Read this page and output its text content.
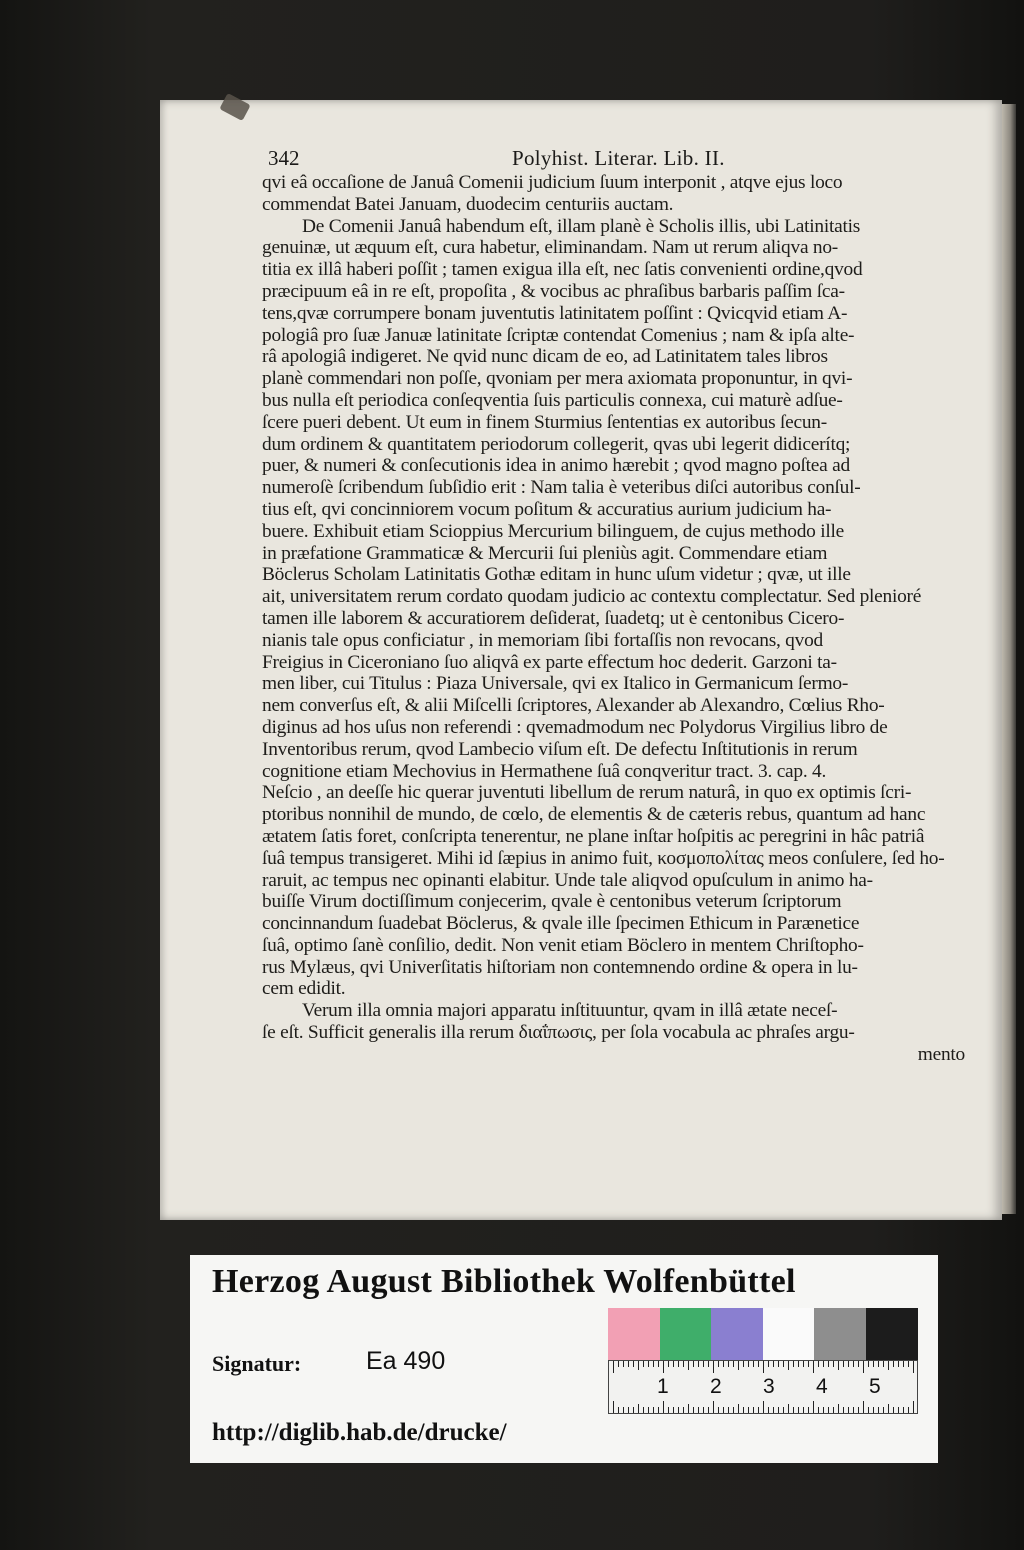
342	Polyhist. Literar. Lib. II.
qvi eâ occaſione de Januâ Comenii judicium ſuum interponit , atqve ejus loco
commendat Batei Januam, duodecim centuriis auctam.
De Comenii Januâ habendum eſt, illam planè è Scholis illis, ubi Latinitatis
genuinæ, ut æquum eſt, cura habetur, eliminandam. Nam ut rerum aliqva no-
titia ex illâ haberi poſſit ; tamen exigua illa eſt, nec ſatis convenienti ordine,qvod
præcipuum eâ in re eſt, propoſita , & vocibus ac phraſibus barbaris paſſim ſca-
tens,qvæ corrumpere bonam juventutis latinitatem poſſint : Qvicqvid etiam A-
pologiâ pro ſuæ Januæ latinitate ſcriptæ contendat Comenius ; nam & ipſa alte-
râ apologiâ indigeret. Ne qvid nunc dicam de eo, ad Latinitatem tales libros
planè commendari non poſſe, qvoniam per mera axiomata proponuntur, in qvi-
bus nulla eſt periodica conſeqventia ſuis particulis connexa, cui maturè adſue-
ſcere pueri debent. Ut eum in finem Sturmius ſententias ex autoribus ſecun-
dum ordinem & quantitatem periodorum collegerit, qvas ubi legerit didicerítq;
puer, & numeri & conſecutionis idea in animo hærebit ; qvod magno poſtea ad
numeroſè ſcribendum ſubſidio erit : Nam talia è veteribus diſci autoribus conſul-
tius eſt, qvi concinniorem vocum poſitum & accuratius aurium judicium ha-
buere. Exhibuit etiam Scioppius Mercurium bilinguem, de cujus methodo ille
in præfatione Grammaticæ & Mercurii ſui pleniùs agit. Commendare etiam
Böclerus Scholam Latinitatis Gothæ editam in hunc uſum videtur ; qvæ, ut ille
ait, universitatem rerum cordato quodam judicio ac contextu complectatur. Sed plenioré
tamen ille laborem & accuratiorem deſiderat, ſuadetq; ut è centonibus Cicero-
nianis tale opus conficiatur , in memoriam ſibi fortaſſis non revocans, qvod
Freigius in Ciceroniano ſuo aliqvâ ex parte effectum hoc dederit. Garzoni ta-
men liber, cui Titulus : Piaza Universale, qvi ex Italico in Germanicum ſermo-
nem converſus eſt, & alii Miſcelli ſcriptores, Alexander ab Alexandro, Cœlius Rho-
diginus ad hos uſus non referendi : qvemadmodum nec Polydorus Virgilius libro de
Inventoribus rerum, qvod Lambecio viſum eſt. De defectu Inſtitutionis in rerum
cognitione etiam Mechovius in Hermathene ſuâ conqveritur tract. 3. cap. 4.
Neſcio , an deeſſe hic querar juventuti libellum de rerum naturâ, in quo ex optimis ſcri-
ptoribus nonnihil de mundo, de cœlo, de elementis & de cæteris rebus, quantum ad hanc
ætatem ſatis foret, conſcripta tenerentur, ne plane inſtar hoſpitis ac peregrini in hâc patriâ
ſuâ tempus transigeret. Mihi id ſæpius in animo fuit, κοσμοπολίτας meos conſulere, ſed ho-
raruit, ac tempus nec opinanti elabitur. Unde tale aliqvod opuſculum in animo ha-
buiſſe Virum doctiſſimum conjecerim, qvale è centonibus veterum ſcriptorum
concinnandum ſuadebat Böclerus, & qvale ille ſpecimen Ethicum in Parænetice
ſuâ, optimo ſanè conſilio, dedit. Non venit etiam Böclero in mentem Chriſtopho-
rus Mylæus, qvi Univerſitatis hiſtoriam non contemnendo ordine & opera in lu-
cem edidit.
Verum illa omnia majori apparatu inſtituuntur, qvam in illâ ætate neceſ-
ſe eſt. Sufficit generalis illa rerum διαΐπωσις, per ſola vocabula ac phraſes argu-
mento
Herzog August Bibliothek Wolfenbüttel
Signatur:	Ea 490
1 2 3 4 5
http://diglib.hab.de/drucke/
